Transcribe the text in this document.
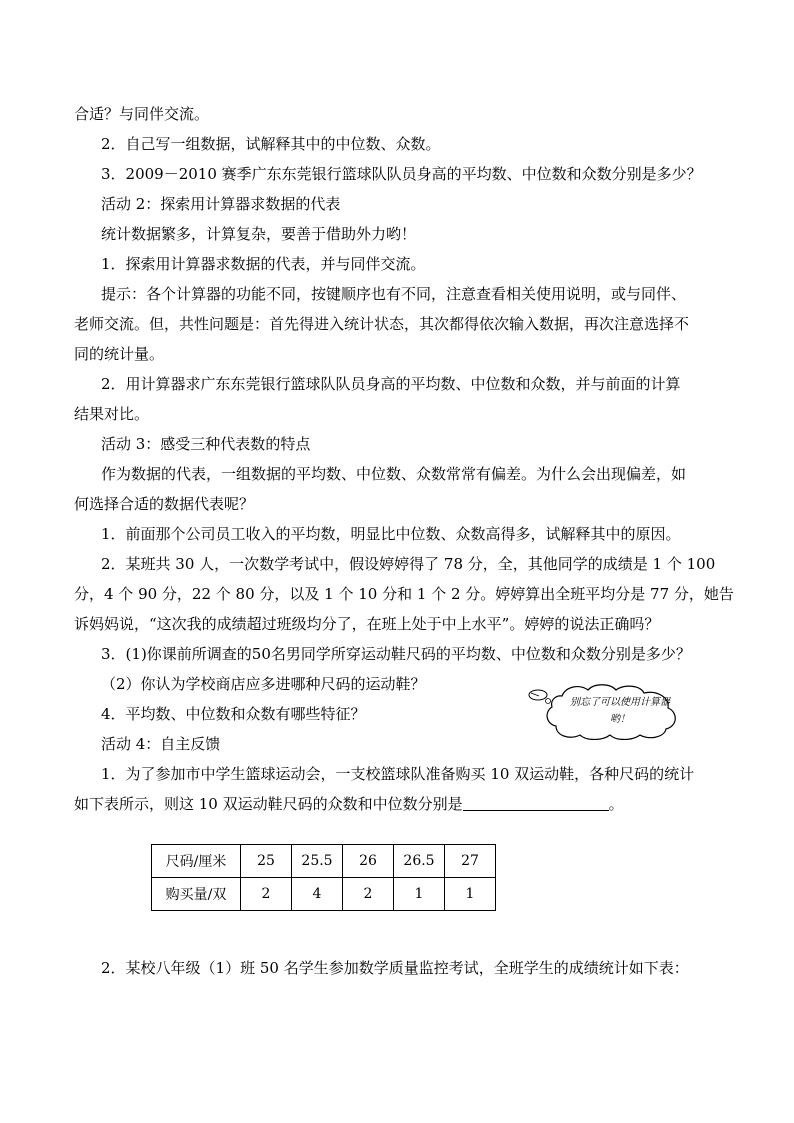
合适？与同伴交流。
2．自己写一组数据，试解释其中的中位数、众数。
3．2009－2010 赛季广东东莞银行篮球队队员身高的平均数、中位数和众数分别是多少？
活动 2：探索用计算器求数据的代表
统计数据繁多，计算复杂，要善于借助外力哟！
1．探索用计算器求数据的代表，并与同伴交流。
提示：各个计算器的功能不同，按键顺序也有不同，注意查看相关使用说明，或与同伴、
老师交流。但，共性问题是：首先得进入统计状态，其次都得依次输入数据，再次注意选择不
同的统计量。
2．用计算器求广东东莞银行篮球队队员身高的平均数、中位数和众数，并与前面的计算
结果对比。
活动 3：感受三种代表数的特点
作为数据的代表，一组数据的平均数、中位数、众数常常有偏差。为什么会出现偏差，如
何选择合适的数据代表呢？
1．前面那个公司员工收入的平均数，明显比中位数、众数高得多，试解释其中的原因。
2．某班共 30 人，一次数学考试中，假设婷婷得了 78 分，全，其他同学的成绩是 1 个 100
分，4 个 90 分，22 个 80 分，以及 1 个 10 分和 1 个 2 分。婷婷算出全班平均分是 77 分，她告
诉妈妈说，“这次我的成绩超过班级均分了，在班上处于中上水平”。婷婷的说法正确吗？
3．(1)你课前所调查的50名男同学所穿运动鞋尺码的平均数、中位数和众数分别是多少？
（2）你认为学校商店应多进哪种尺码的运动鞋？
4．平均数、中位数和众数有哪些特征？
活动 4：自主反馈
1．为了参加市中学生篮球运动会，一支校篮球队准备购买 10 双运动鞋，各种尺码的统计
如下表所示，则这 10 双运动鞋尺码的众数和中位数分别是	。
别忘了可以使用计算器哟！
尺码/厘米	25	25.5	26	26.5	27
购买量/双	2	4	2	1	1
2．某校八年级（1）班 50 名学生参加数学质量监控考试，全班学生的成绩统计如下表：
